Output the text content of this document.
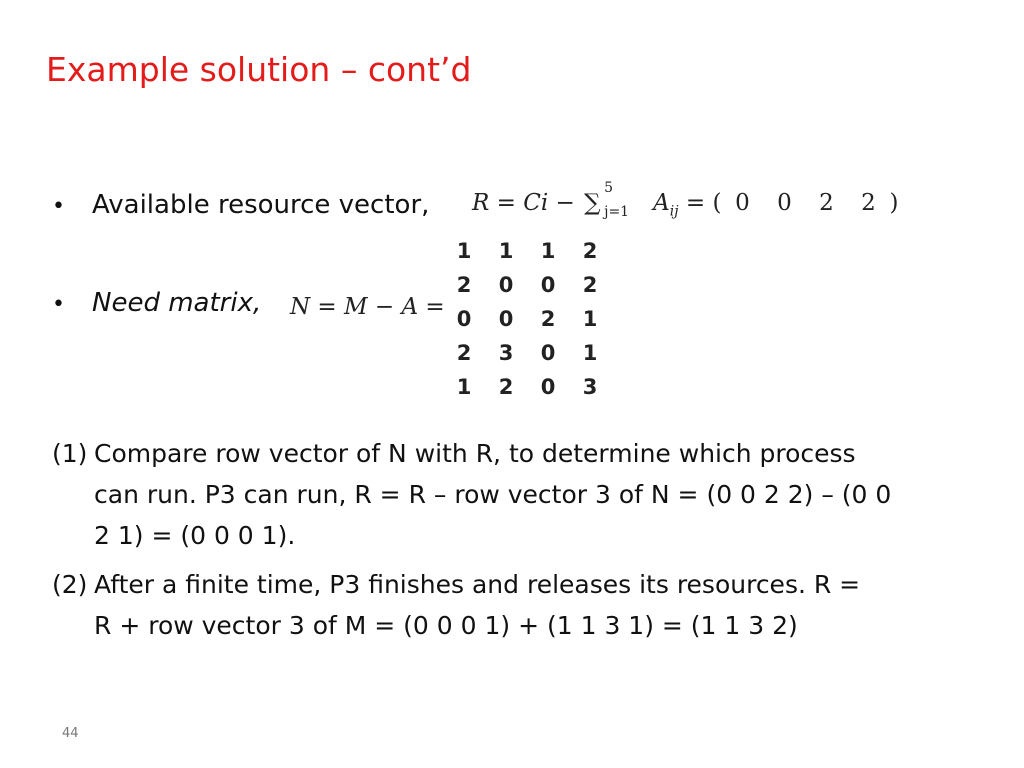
Example solution – cont’d
• Available resource vector, R = Ci − ∑
5
j=1 $A_{ij}$ = ( 0 0 2 2 )
• Need matrix, N = M − A =
1 1 1 2
2 0 0 2
0 0 2 1
2 3 0 1
1 2 0 3
(1) Compare row vector of N with R, to determine which process
can run. P3 can run, R = R – row vector 3 of N = (0 0 2 2) – (0 0
2 1) = (0 0 0 1).
(2) After a finite time, P3 finishes and releases its resources. R =
R + row vector 3 of M = (0 0 0 1) + (1 1 3 1) = (1 1 3 2)
44
